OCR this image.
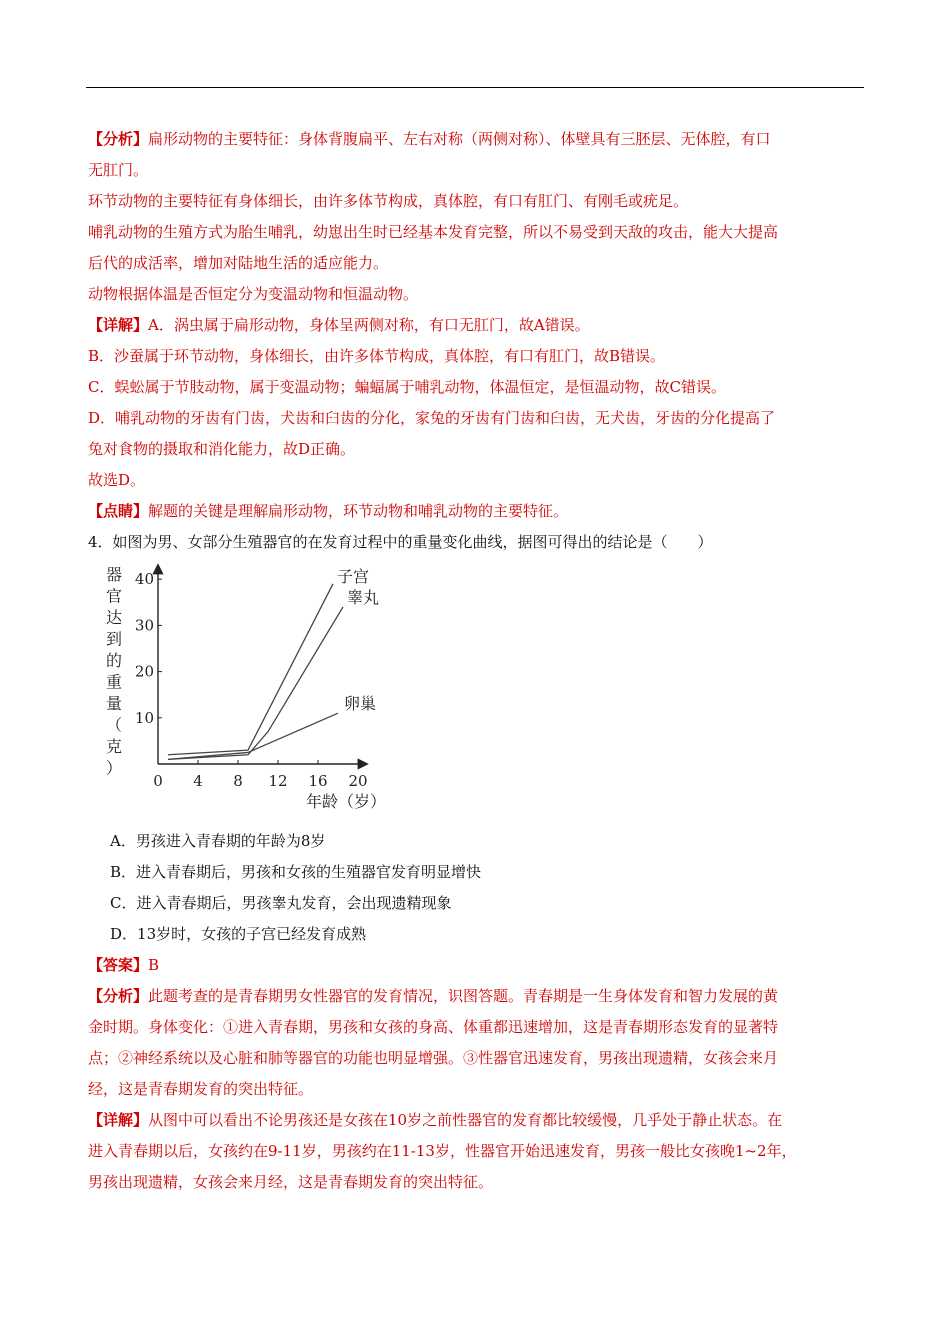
【分析】扁形动物的主要特征：身体背腹扁平、左右对称（两侧对称）、体壁具有三胚层、无体腔，有口

无肛门。

环节动物的主要特征有身体细长，由许多体节构成，真体腔，有口有肛门、有刚毛或疣足。

哺乳动物的生殖方式为胎生哺乳，幼崽出生时已经基本发育完整，所以不易受到天敌的攻击，能大大提高

后代的成活率，增加对陆地生活的适应能力。

动物根据体温是否恒定分为变温动物和恒温动物。

【详解】A．涡虫属于扁形动物，身体呈两侧对称，有口无肛门，故A错误。

B．沙蚕属于环节动物，身体细长，由许多体节构成，真体腔，有口有肛门，故B错误。

C．蜈蚣属于节肢动物，属于变温动物；蝙蝠属于哺乳动物，体温恒定，是恒温动物，故C错误。

D．哺乳动物的牙齿有门齿，犬齿和臼齿的分化，家兔的牙齿有门齿和臼齿，无犬齿，牙齿的分化提高了

兔对食物的摄取和消化能力，故D正确。

故选D。

【点睛】解题的关键是理解扁形动物，环节动物和哺乳动物的主要特征。

4．如图为男、女部分生殖器官的在发育过程中的重量变化曲线，据图可得出的结论是（　　）

0 4 8 12 16 20
10
20
30
40	子宫
睾丸
卵巢
器官达到的重量（克）
年龄（岁）

A．男孩进入青春期的年龄为8岁

B．进入青春期后，男孩和女孩的生殖器官发育明显增快

C．进入青春期后，男孩睾丸发育，会出现遗精现象

D．13岁时，女孩的子宫已经发育成熟

【答案】B

【分析】此题考查的是青春期男女性器官的发育情况，识图答题。青春期是一生身体发育和智力发展的黄

金时期。身体变化：①进入青春期，男孩和女孩的身高、体重都迅速增加，这是青春期形态发育的显著特

点；②神经系统以及心脏和肺等器官的功能也明显增强。③性器官迅速发育，男孩出现遗精，女孩会来月

经，这是青春期发育的突出特征。

【详解】从图中可以看出不论男孩还是女孩在10岁之前性器官的发育都比较缓慢，几乎处于静止状态。在

进入青春期以后，女孩约在9-11岁，男孩约在11-13岁，性器官开始迅速发育，男孩一般比女孩晚1~2年，

男孩出现遗精，女孩会来月经，这是青春期发育的突出特征。
